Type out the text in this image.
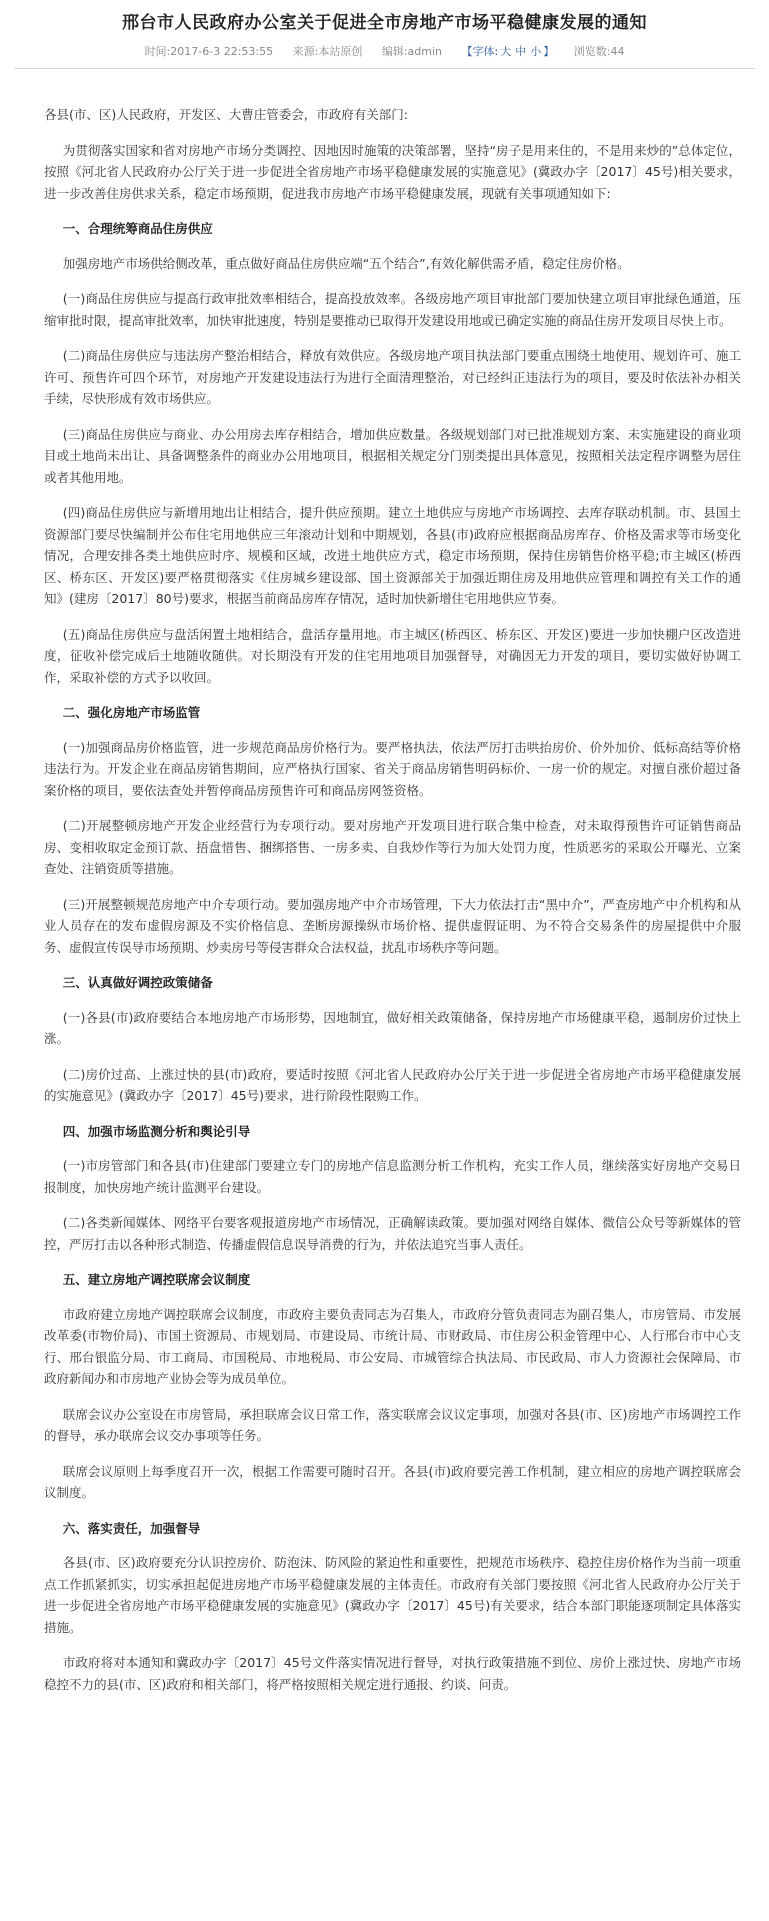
邢台市人民政府办公室关于促进全市房地产市场平稳健康发展的通知
时间:2017-6-3 22:53:55 来源:本站原创 编辑:admin 【字体: 大 中 小 】 浏览数:44

各县(市、区)人民政府，开发区、大曹庄管委会，市政府有关部门:

为贯彻落实国家和省对房地产市场分类调控、因地因时施策的决策部署，坚持“房子是用来住的，不是用来炒的”总体定位，按照《河北省人民政府办公厅关于进一步促进全省房地产市场平稳健康发展的实施意见》(冀政办字〔2017〕45号)相关要求，进一步改善住房供求关系，稳定市场预期，促进我市房地产市场平稳健康发展，现就有关事项通知如下:

一、合理统筹商品住房供应

加强房地产市场供给侧改革，重点做好商品住房供应端“五个结合”,有效化解供需矛盾，稳定住房价格。

(一)商品住房供应与提高行政审批效率相结合，提高投放效率。各级房地产项目审批部门要加快建立项目审批绿色通道，压缩审批时限，提高审批效率，加快审批速度，特别是要推动已取得开发建设用地或已确定实施的商品住房开发项目尽快上市。

(二)商品住房供应与违法房产整治相结合，释放有效供应。各级房地产项目执法部门要重点围绕土地使用、规划许可、施工许可、预售许可四个环节，对房地产开发建设违法行为进行全面清理整治，对已经纠正违法行为的项目，要及时依法补办相关手续，尽快形成有效市场供应。

(三)商品住房供应与商业、办公用房去库存相结合，增加供应数量。各级规划部门对已批准规划方案、未实施建设的商业项目或土地尚未出让、具备调整条件的商业办公用地项目，根据相关规定分门别类提出具体意见，按照相关法定程序调整为居住或者其他用地。

(四)商品住房供应与新增用地出让相结合，提升供应预期。建立土地供应与房地产市场调控、去库存联动机制。市、县国土资源部门要尽快编制并公布住宅用地供应三年滚动计划和中期规划，各县(市)政府应根据商品房库存、价格及需求等市场变化情况，合理安排各类土地供应时序、规模和区域，改进土地供应方式，稳定市场预期，保持住房销售价格平稳;市主城区(桥西区、桥东区、开发区)要严格贯彻落实《住房城乡建设部、国土资源部关于加强近期住房及用地供应管理和调控有关工作的通知》(建房〔2017〕80号)要求，根据当前商品房库存情况，适时加快新增住宅用地供应节奏。

(五)商品住房供应与盘活闲置土地相结合，盘活存量用地。市主城区(桥西区、桥东区、开发区)要进一步加快棚户区改造进度，征收补偿完成后土地随收随供。对长期没有开发的住宅用地项目加强督导，对确因无力开发的项目，要切实做好协调工作，采取补偿的方式予以收回。

二、强化房地产市场监管

(一)加强商品房价格监管，进一步规范商品房价格行为。要严格执法，依法严厉打击哄抬房价、价外加价、低标高结等价格违法行为。开发企业在商品房销售期间，应严格执行国家、省关于商品房销售明码标价、一房一价的规定。对擅自涨价超过备案价格的项目，要依法查处并暂停商品房预售许可和商品房网签资格。

(二)开展整顿房地产开发企业经营行为专项行动。要对房地产开发项目进行联合集中检查，对未取得预售许可证销售商品房、变相收取定金预订款、捂盘惜售、捆绑搭售、一房多卖、自我炒作等行为加大处罚力度，性质恶劣的采取公开曝光、立案查处、注销资质等措施。

(三)开展整顿规范房地产中介专项行动。要加强房地产中介市场管理，下大力依法打击“黑中介”，严查房地产中介机构和从业人员存在的发布虚假房源及不实价格信息、垄断房源操纵市场价格、提供虚假证明、为不符合交易条件的房屋提供中介服务、虚假宣传误导市场预期、炒卖房号等侵害群众合法权益，扰乱市场秩序等问题。

三、认真做好调控政策储备

(一)各县(市)政府要结合本地房地产市场形势，因地制宜，做好相关政策储备，保持房地产市场健康平稳，遏制房价过快上涨。

(二)房价过高、上涨过快的县(市)政府，要适时按照《河北省人民政府办公厅关于进一步促进全省房地产市场平稳健康发展的实施意见》(冀政办字〔2017〕45号)要求，进行阶段性限购工作。

四、加强市场监测分析和舆论引导

(一)市房管部门和各县(市)住建部门要建立专门的房地产信息监测分析工作机构，充实工作人员，继续落实好房地产交易日报制度，加快房地产统计监测平台建设。

(二)各类新闻媒体、网络平台要客观报道房地产市场情况，正确解读政策。要加强对网络自媒体、微信公众号等新媒体的管控，严厉打击以各种形式制造、传播虚假信息误导消费的行为，并依法追究当事人责任。

五、建立房地产调控联席会议制度

市政府建立房地产调控联席会议制度，市政府主要负责同志为召集人，市政府分管负责同志为副召集人，市房管局、市发展改革委(市物价局)、市国土资源局、市规划局、市建设局、市统计局、市财政局、市住房公积金管理中心、人行邢台市中心支行、邢台银监分局、市工商局、市国税局、市地税局、市公安局、市城管综合执法局、市民政局、市人力资源社会保障局、市政府新闻办和市房地产业协会等为成员单位。

联席会议办公室设在市房管局，承担联席会议日常工作，落实联席会议议定事项，加强对各县(市、区)房地产市场调控工作的督导，承办联席会议交办事项等任务。

联席会议原则上每季度召开一次，根据工作需要可随时召开。各县(市)政府要完善工作机制，建立相应的房地产调控联席会议制度。

六、落实责任，加强督导

各县(市、区)政府要充分认识控房价、防泡沫、防风险的紧迫性和重要性，把规范市场秩序、稳控住房价格作为当前一项重点工作抓紧抓实，切实承担起促进房地产市场平稳健康发展的主体责任。市政府有关部门要按照《河北省人民政府办公厅关于进一步促进全省房地产市场平稳健康发展的实施意见》(冀政办字〔2017〕45号)有关要求，结合本部门职能逐项制定具体落实措施。

市政府将对本通知和冀政办字〔2017〕45号文件落实情况进行督导，对执行政策措施不到位、房价上涨过快、房地产市场稳控不力的县(市、区)政府和相关部门，将严格按照相关规定进行通报、约谈、问责。
